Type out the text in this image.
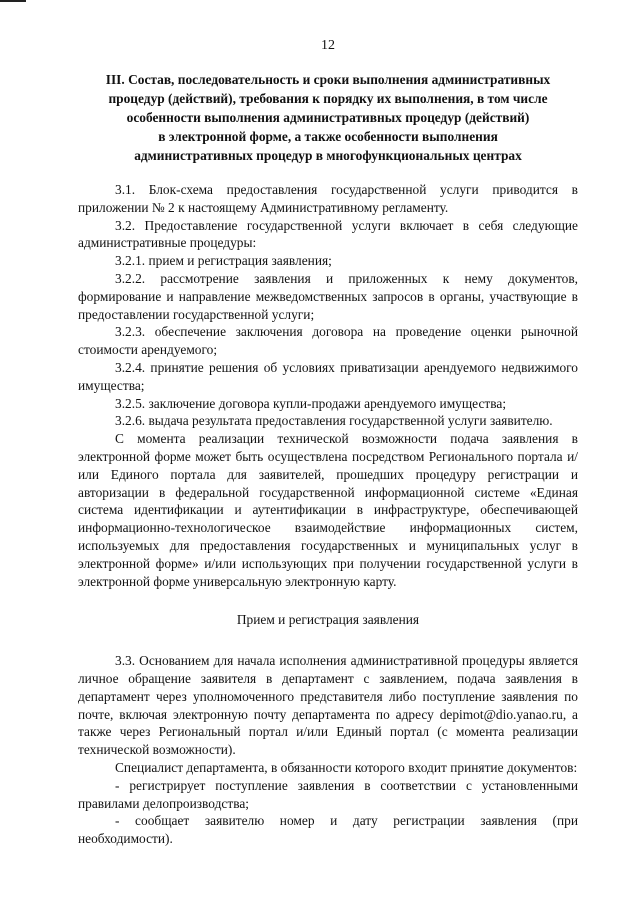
12
III. Состав, последовательность и сроки выполнения административных
процедур (действий), требования к порядку их выполнения, в том числе
особенности выполнения административных процедур (действий)
в электронной форме, а также особенности выполнения
административных процедур в многофункциональных центрах

3.1. Блок-схема предоставления государственной услуги приводится в приложении № 2 к настоящему Административному регламенту.

3.2. Предоставление государственной услуги включает в себя следующие административные процедуры:

3.2.1. прием и регистрация заявления;

3.2.2. рассмотрение заявления и приложенных к нему документов, формирование и направление межведомственных запросов в органы, участвующие в предоставлении государственной услуги;

3.2.3. обеспечение заключения договора на проведение оценки рыночной стоимости арендуемого;

3.2.4. принятие решения об условиях приватизации арендуемого недвижимого имущества;

3.2.5. заключение договора купли-продажи арендуемого имущества;

3.2.6. выдача результата предоставления государственной услуги заявителю.

С момента реализации технической возможности подача заявления в электронной форме может быть осуществлена посредством Регионального портала и/или Единого портала для заявителей, прошедших процедуру регистрации и авторизации в федеральной государственной информационной системе «Единая система идентификации и аутентификации в инфраструктуре, обеспечивающей информационно-технологическое взаимодействие информационных систем, используемых для предоставления государственных и муниципальных услуг в электронной форме» и/или использующих при получении государственной услуги в электронной форме универсальную электронную карту.

Прием и регистрация заявления

3.3. Основанием для начала исполнения административной процедуры является личное обращение заявителя в департамент с заявлением, подача заявления в департамент через уполномоченного представителя либо поступление заявления по почте, включая электронную почту департамента по адресу depimot@dio.yanao.ru, а также через Региональный портал и/или Единый портал (с момента реализации технической возможности).

Специалист департамента, в обязанности которого входит принятие документов:

- регистрирует поступление заявления в соответствии с установленными правилами делопроизводства;

- сообщает заявителю номер и дату регистрации заявления (при необходимости).
